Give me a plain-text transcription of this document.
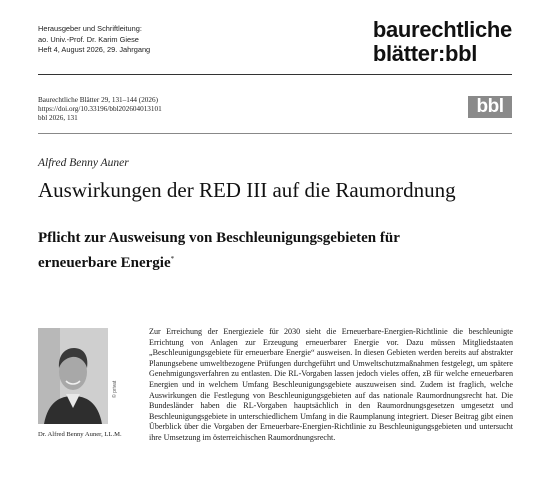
Herausgeber und Schriftleitung:
ao. Univ.-Prof. Dr. Karim Giese
Heft 4, August 2026, 29. Jahrgang
baurechtliche
blätter:bbl
Baurechtliche Blätter 29, 131–144 (2026)
https://doi.org/10.33196/bbl202604013101
bbl 2026, 131
bbl
Alfred Benny Auner
Auswirkungen der RED III auf die Raumordnung
Pflicht zur Ausweisung von Beschleunigungsgebieten für erneuerbare Energie*
© privat
Dr. Alfred Benny Auner, LL.M.

Zur Erreichung der Energieziele für 2030 sieht die Erneuerbare-Energien-Richtlinie die beschleunigte Errichtung von Anlagen zur Erzeugung erneuerbarer Energie vor. Dazu müssen Mitgliedstaaten „Beschleunigungsgebiete für erneuerbare Energie“ ausweisen. In diesen Gebieten werden bereits auf abstrakter Planungsebene umweltbezogene Prüfungen durchgeführt und Umweltschutzmaßnahmen festgelegt, um spätere Genehmigungsverfahren zu entlasten. Die RL-Vorgaben lassen jedoch vieles offen, zB für welche erneuerbaren Energien und in welchem Umfang Beschleunigungsgebiete auszuweisen sind. Zudem ist fraglich, welche Auswirkungen die Festlegung von Beschleunigungsgebieten auf das nationale Raumordnungsrecht hat. Die Bundesländer haben die RL-Vorgaben hauptsächlich in den Raumordnungsgesetzen umgesetzt und Beschleunigungsgebiete in unterschiedlichem Umfang in die Raumplanung integriert. Dieser Beitrag gibt einen Überblick über die Vorgaben der Erneuerbare-Energien-Richtlinie zu Beschleunigungsgebieten und untersucht ihre Umsetzung im österreichischen Raumordnungsrecht.
